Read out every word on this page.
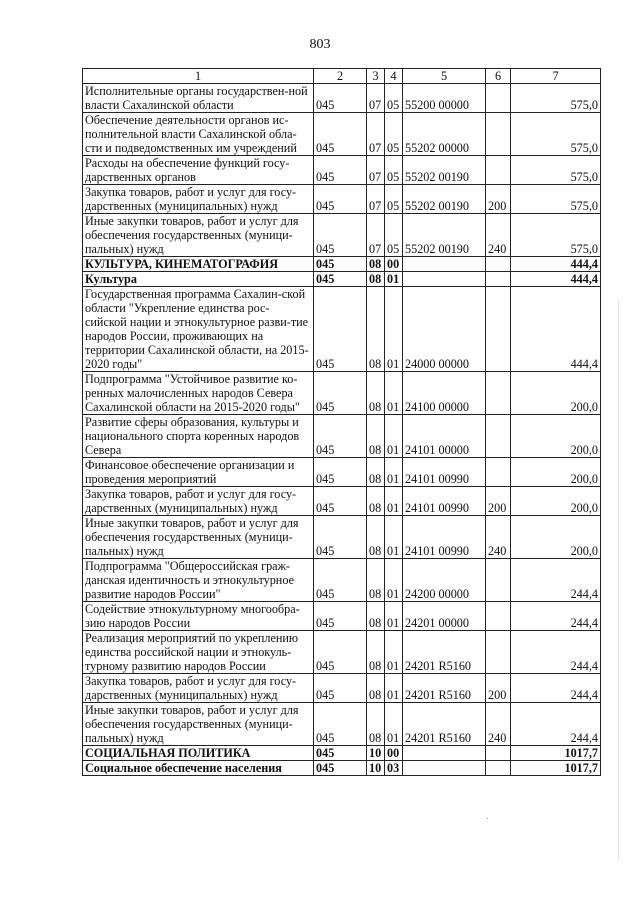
803
1	2	3	4	5	6	7
Исполнительные органы государствен-ной власти Сахалинской области	045	07	05	55200 00000		575,0
Обеспечение деятельности органов ис-полнительной власти Сахалинской обла-сти и подведомственных им учреждений	045	07	05	55202 00000		575,0
Расходы на обеспечение функций госу-дарственных органов	045	07	05	55202 00190		575,0
Закупка товаров, работ и услуг для госу-дарственных (муниципальных) нужд	045	07	05	55202 00190	200	575,0
Иные закупки товаров, работ и услуг для обеспечения государственных (муници-пальных) нужд	045	07	05	55202 00190	240	575,0
КУЛЬТУРА, КИНЕМАТОГРАФИЯ	045	08	00			444,4
Культура	045	08	01			444,4
Государственная программа Сахалин-ской области "Укрепление единства рос-сийской нации и этнокультурное разви-тие народов России, проживающих на территории Сахалинской области, на 2015-2020 годы"	045	08	01	24000 00000		444,4
Подпрограмма "Устойчивое развитие ко-ренных малочисленных народов Севера Сахалинской области на 2015-2020 годы"	045	08	01	24100 00000		200,0
Развитие сферы образования, культуры и национального спорта коренных народов Севера	045	08	01	24101 00000		200,0
Финансовое обеспечение организации и проведения мероприятий	045	08	01	24101 00990		200,0
Закупка товаров, работ и услуг для госу-дарственных (муниципальных) нужд	045	08	01	24101 00990	200	200,0
Иные закупки товаров, работ и услуг для обеспечения государственных (муници-пальных) нужд	045	08	01	24101 00990	240	200,0
Подпрограмма "Общероссийская граж-данская идентичность и этнокультурное развитие народов России"	045	08	01	24200 00000		244,4
Содействие этнокультурному многообра-зию народов России	045	08	01	24201 00000		244,4
Реализация мероприятий по укреплению единства российской нации и этнокуль-турному развитию народов России	045	08	01	24201 R5160		244,4
Закупка товаров, работ и услуг для госу-дарственных (муниципальных) нужд	045	08	01	24201 R5160	200	244,4
Иные закупки товаров, работ и услуг для обеспечения государственных (муници-пальных) нужд	045	08	01	24201 R5160	240	244,4
СОЦИАЛЬНАЯ ПОЛИТИКА	045	10	00			1017,7
Социальное обеспечение населения	045	10	03			1017,7
